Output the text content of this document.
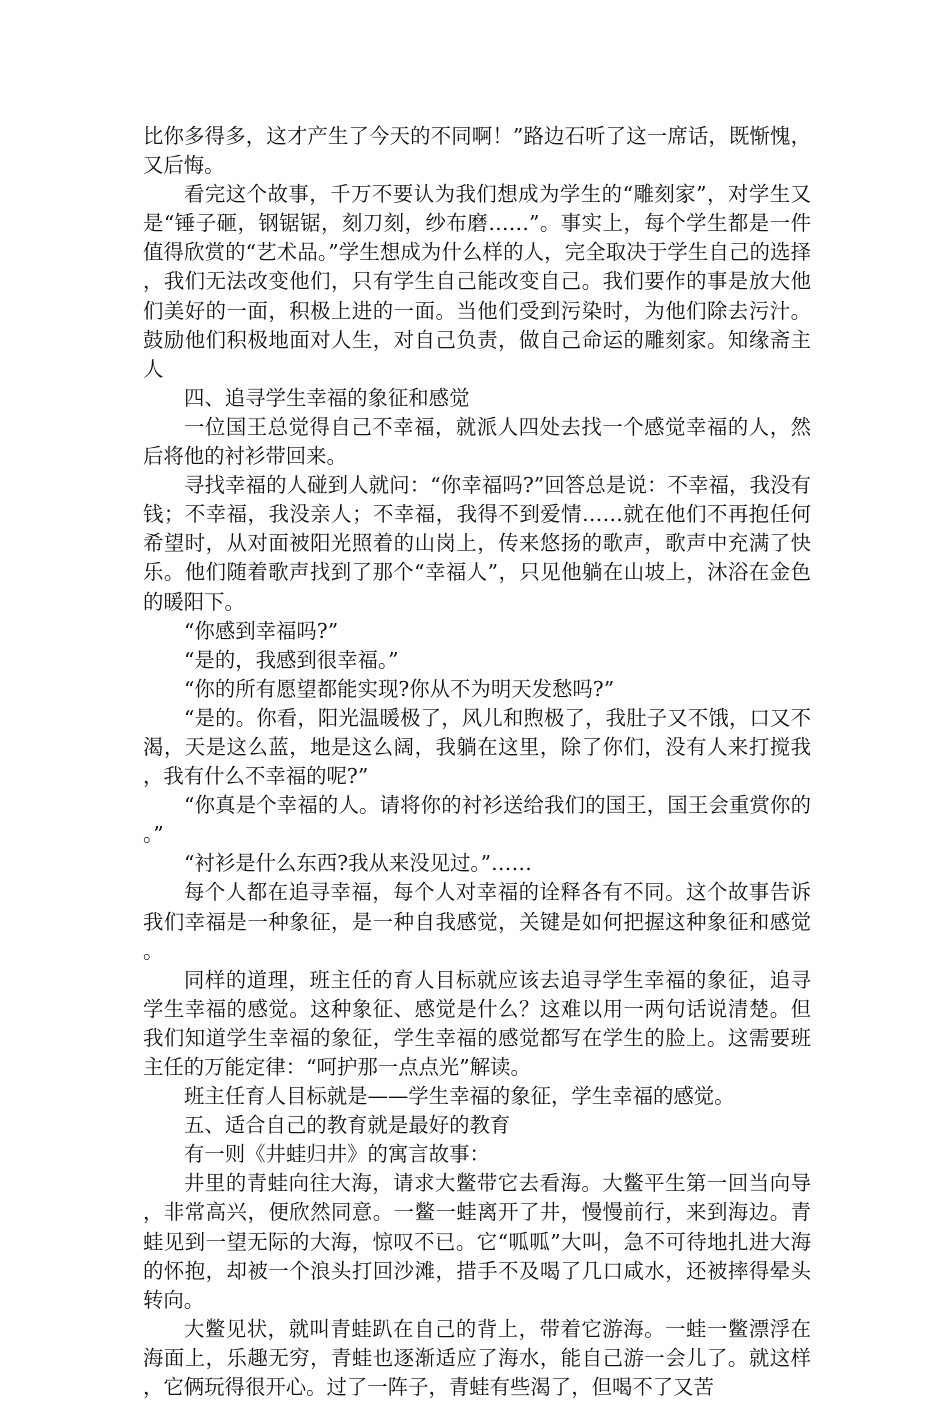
比你多得多，这才产生了今天的不同啊！”路边石听了这一席话，既惭愧，又后悔。

看完这个故事，千万不要认为我们想成为学生的“雕刻家”，对学生又是“锤子砸，钢锯锯，刻刀刻，纱布磨……”。事实上，每个学生都是一件值得欣赏的“艺术品。”学生想成为什么样的人，完全取决于学生自己的选择，我们无法改变他们，只有学生自己能改变自己。我们要作的事是放大他们美好的一面，积极上进的一面。当他们受到污染时，为他们除去污汁。鼓励他们积极地面对人生，对自己负责，做自己命运的雕刻家。知缘斋主人

四、追寻学生幸福的象征和感觉

一位国王总觉得自己不幸福，就派人四处去找一个感觉幸福的人，然后将他的衬衫带回来。

寻找幸福的人碰到人就问：“你幸福吗?”回答总是说：不幸福，我没有钱；不幸福，我没亲人；不幸福，我得不到爱情……就在他们不再抱任何希望时，从对面被阳光照着的山岗上，传来悠扬的歌声，歌声中充满了快乐。他们随着歌声找到了那个“幸福人”，只见他躺在山坡上，沐浴在金色的暖阳下。

“你感到幸福吗?”

“是的，我感到很幸福。”

“你的所有愿望都能实现?你从不为明天发愁吗?”

“是的。你看，阳光温暖极了，风儿和煦极了，我肚子又不饿，口又不渴，天是这么蓝，地是这么阔，我躺在这里，除了你们，没有人来打搅我，我有什么不幸福的呢?”

“你真是个幸福的人。请将你的衬衫送给我们的国王，国王会重赏你的。”

“衬衫是什么东西?我从来没见过。”……

每个人都在追寻幸福，每个人对幸福的诠释各有不同。这个故事告诉我们幸福是一种象征，是一种自我感觉，关键是如何把握这种象征和感觉。

同样的道理，班主任的育人目标就应该去追寻学生幸福的象征，追寻学生幸福的感觉。这种象征、感觉是什么？这难以用一两句话说清楚。但我们知道学生幸福的象征，学生幸福的感觉都写在学生的脸上。这需要班主任的万能定律：“呵护那一点点光”解读。

班主任育人目标就是——学生幸福的象征，学生幸福的感觉。

五、适合自己的教育就是最好的教育

有一则《井蛙归井》的寓言故事：

井里的青蛙向往大海，请求大鳖带它去看海。大鳖平生第一回当向导，非常高兴，便欣然同意。一鳖一蛙离开了井，慢慢前行，来到海边。青蛙见到一望无际的大海，惊叹不已。它“呱呱”大叫，急不可待地扎进大海的怀抱，却被一个浪头打回沙滩，措手不及喝了几口咸水，还被摔得晕头转向。

大鳖见状，就叫青蛙趴在自己的背上，带着它游海。一蛙一鳖漂浮在海面上，乐趣无穷，青蛙也逐渐适应了海水，能自己游一会儿了。就这样，它俩玩得很开心。过了一阵子，青蛙有些渴了，但喝不了又苦
